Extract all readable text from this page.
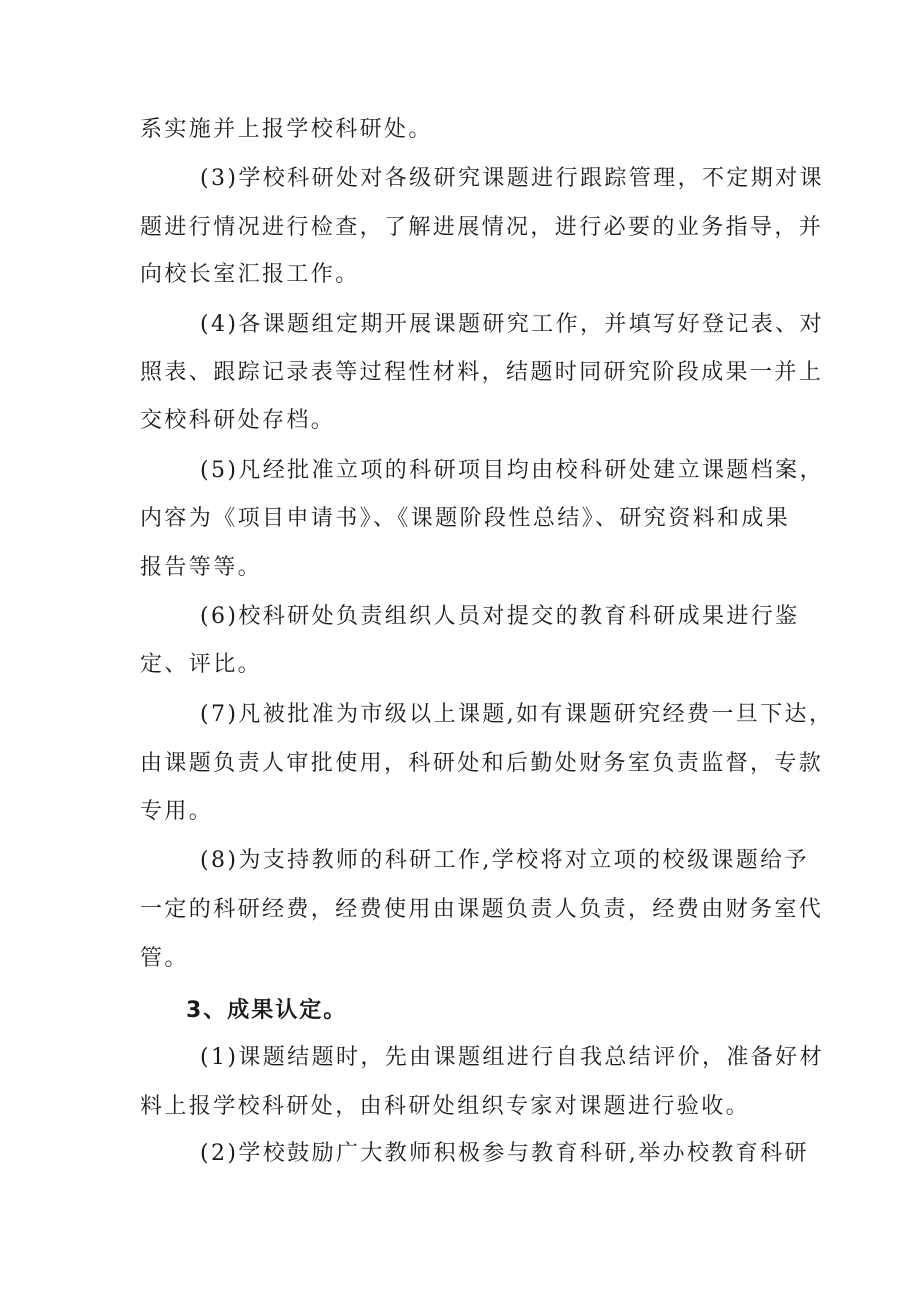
系实施并上报学校科研处。
(3)学校科研处对各级研究课题进行跟踪管理，不定期对课
题进行情况进行检查，了解进展情况，进行必要的业务指导，并
向校长室汇报工作。
(4)各课题组定期开展课题研究工作，并填写好登记表、对
照表、跟踪记录表等过程性材料，结题时同研究阶段成果一并上
交校科研处存档。
(5)凡经批准立项的科研项目均由校科研处建立课题档案，
内容为《项目申请书》、《课题阶段性总结》、研究资料和成果
报告等等。
(6)校科研处负责组织人员对提交的教育科研成果进行鉴
定、评比。
(7)凡被批准为市级以上课题,如有课题研究经费一旦下达，
由课题负责人审批使用，科研处和后勤处财务室负责监督，专款
专用。
(8)为支持教师的科研工作,学校将对立项的校级课题给予
一定的科研经费，经费使用由课题负责人负责，经费由财务室代
管。
3、成果认定。
(1)课题结题时，先由课题组进行自我总结评价，准备好材
料上报学校科研处，由科研处组织专家对课题进行验收。
(2)学校鼓励广大教师积极参与教育科研,举办校教育科研
